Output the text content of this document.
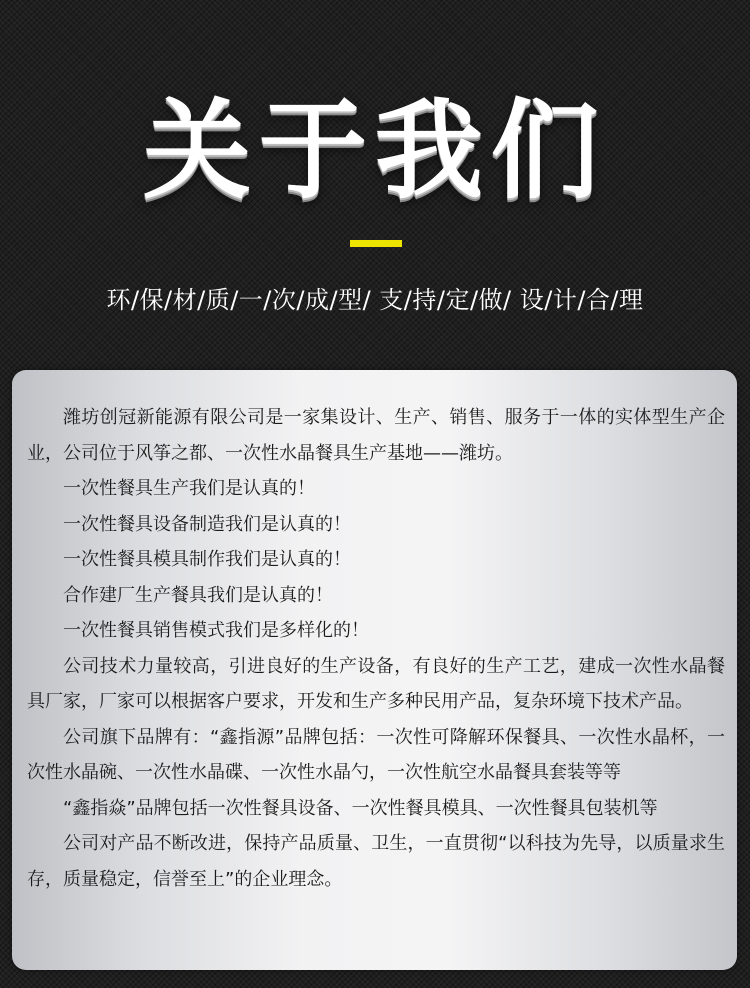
关于我们
环/保/材/质/一/次/成/型/ 支/持/定/做/ 设/计/合/理

潍坊创冠新能源有限公司是一家集设计、生产、销售、服务于一体的实体型生产企业，公司位于风筝之都、一次性水晶餐具生产基地——潍坊。

一次性餐具生产我们是认真的！

一次性餐具设备制造我们是认真的！

一次性餐具模具制作我们是认真的！

合作建厂生产餐具我们是认真的！

一次性餐具销售模式我们是多样化的！

公司技术力量较高，引进良好的生产设备，有良好的生产工艺，建成一次性水晶餐具厂家，厂家可以根据客户要求，开发和生产多种民用产品，复杂环境下技术产品。

公司旗下品牌有：“鑫指源”品牌包括：一次性可降解环保餐具、一次性水晶杯，一次性水晶碗、一次性水晶碟、一次性水晶勺，一次性航空水晶餐具套装等等

“鑫指焱”品牌包括一次性餐具设备、一次性餐具模具、一次性餐具包装机等

公司对产品不断改进，保持产品质量、卫生，一直贯彻“以科技为先导，以质量求生存，质量稳定，信誉至上”的企业理念。
